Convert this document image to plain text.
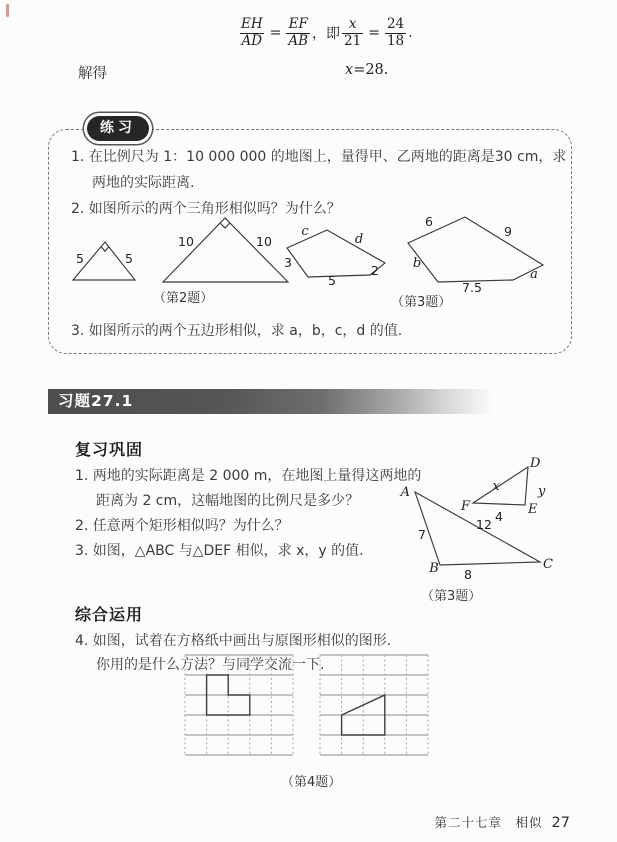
$\frac{EH}{AD} = \frac{EF}{AB}$ ，即 $\frac{x}{21} = \frac{24}{18}$ .
解得	x =28.
练习
1. 在比例尺为 1：10 000 000 的地图上，量得甲、乙两地的距离是30 cm，求两地的实际距离.
2. 如图所示的两个三角形相似吗？为什么？
3. 如图所示的两个五边形相似，求 a，b，c，d 的值.
5	5
10	10
c
d
3
5
2
6
9
b
a
7.5
（第2题）	（第3题）
习题27.1
复习巩固

1. 两地的实际距离是 2 000 m，在地图上量得这两地的距离为 2 cm，这幅地图的比例尺是多少？

2. 任意两个矩形相似吗？为什么？

3. 如图，△ABC 与△DEF 相似，求 x，y 的值.

A
B	C
D
F	E
x	y
4
7
12
8
（第3题）
综合运用
4. 如图，试着在方格纸中画出与原图形相似的图形.
你用的是什么方法？与同学交流一下.
（第4题）
第二十七章　相似 27
